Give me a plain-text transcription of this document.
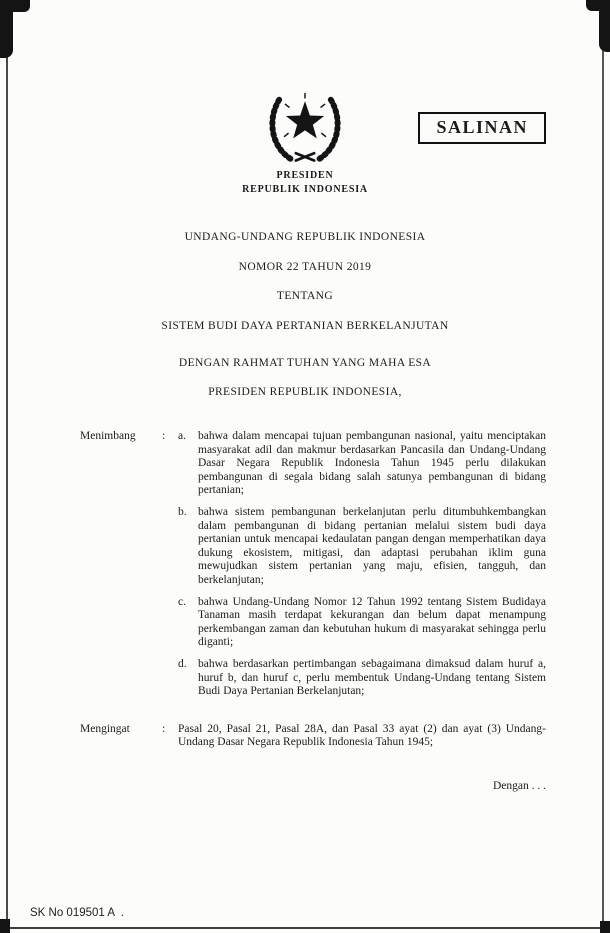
SALINAN
PRESIDEN
REPUBLIK INDONESIA

UNDANG-UNDANG REPUBLIK INDONESIA

NOMOR 22 TAHUN 2019

TENTANG

SISTEM BUDI DAYA PERTANIAN BERKELANJUTAN

DENGAN RAHMAT TUHAN YANG MAHA ESA

PRESIDEN REPUBLIK INDONESIA,

Menimbang	:	a.	bahwa dalam mencapai tujuan pembangunan nasional, yaitu menciptakan masyarakat adil dan makmur berdasarkan Pancasila dan Undang-Undang Dasar Negara Republik Indonesia Tahun 1945 perlu dilakukan pembangunan di segala bidang salah satunya pembangunan di bidang pertanian;
b. bahwa sistem pembangunan berkelanjutan perlu ditumbuhkembangkan dalam pembangunan di bidang pertanian melalui sistem budi daya pertanian untuk mencapai kedaulatan pangan dengan memperhatikan daya dukung ekosistem, mitigasi, dan adaptasi perubahan iklim guna mewujudkan sistem pertanian yang maju, efisien, tangguh, dan berkelanjutan;
c.	bahwa Undang-Undang Nomor 12 Tahun 1992 tentang Sistem Budidaya Tanaman masih terdapat kekurangan dan belum dapat menampung perkembangan zaman dan kebutuhan hukum di masyarakat sehingga perlu diganti;
d. bahwa berdasarkan pertimbangan sebagaimana dimaksud dalam huruf a, huruf b, dan huruf c, perlu membentuk Undang-Undang tentang Sistem Budi Daya Pertanian Berkelanjutan;
Mengingat	:	Pasal 20, Pasal 21, Pasal 28A, dan Pasal 33 ayat (2) dan ayat (3) Undang-Undang Dasar Negara Republik Indonesia Tahun 1945;
Dengan . . .
SK No 019501 A  .
